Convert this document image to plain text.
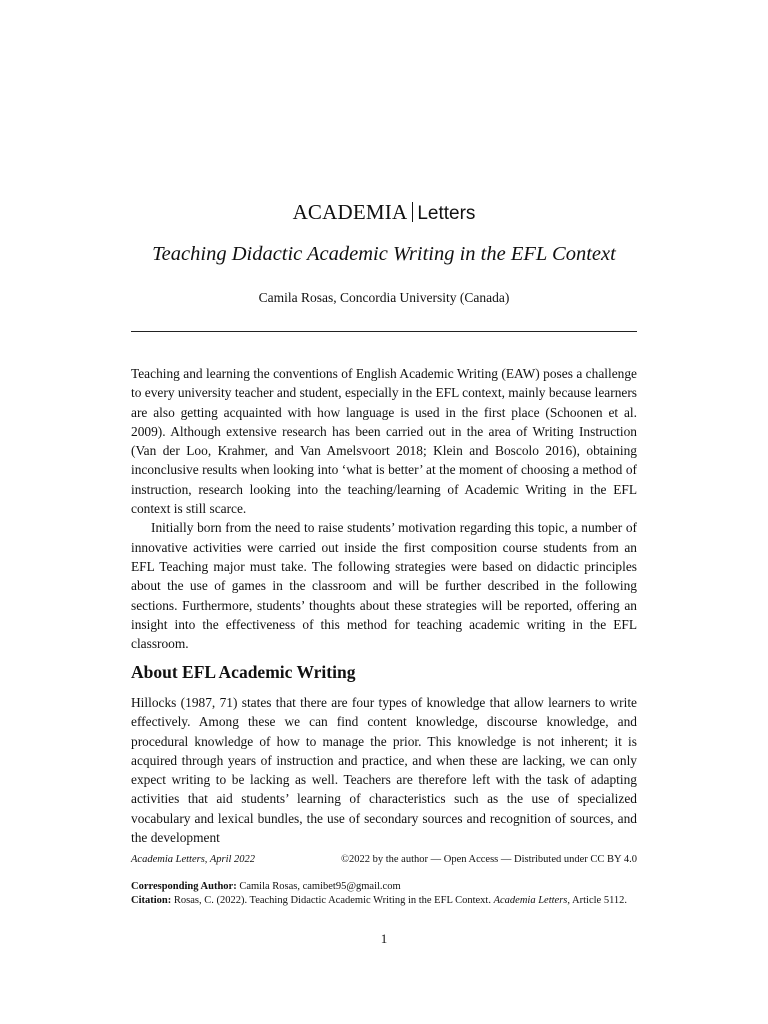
ACADEMIA Letters
Teaching Didactic Academic Writing in the EFL Context
Camila Rosas, Concordia University (Canada)

Teaching and learning the conventions of English Academic Writing (EAW) poses a challenge to every university teacher and student, especially in the EFL context, mainly because learners are also getting acquainted with how language is used in the first place (Schoonen et al. 2009). Although extensive research has been carried out in the area of Writing Instruction (Van der Loo, Krahmer, and Van Amelsvoort 2018; Klein and Boscolo 2016), obtaining inconclusive results when looking into ‘what is better’ at the moment of choosing a method of instruction, research looking into the teaching/learning of Academic Writing in the EFL context is still scarce.

Initially born from the need to raise students’ motivation regarding this topic, a number of innovative activities were carried out inside the first composition course students from an EFL Teaching major must take. The following strategies were based on didactic principles about the use of games in the classroom and will be further described in the following sections. Furthermore, students’ thoughts about these strategies will be reported, offering an insight into the effectiveness of this method for teaching academic writing in the EFL classroom.

About EFL Academic Writing

Hillocks (1987, 71) states that there are four types of knowledge that allow learners to write effectively. Among these we can find content knowledge, discourse knowledge, and procedural knowledge of how to manage the prior. This knowledge is not inherent; it is acquired through years of instruction and practice, and when these are lacking, we can only expect writing to be lacking as well. Teachers are therefore left with the task of adapting activities that aid students’ learning of characteristics such as the use of specialized vocabulary and lexical bundles, the use of secondary sources and recognition of sources, and the development

Academia Letters, April 2022	©2022 by the author — Open Access — Distributed under CC BY 4.0

Corresponding Author: Camila Rosas, camibet95@gmail.com

Citation: Rosas, C. (2022). Teaching Didactic Academic Writing in the EFL Context. Academia Letters, Article 5112.

1
